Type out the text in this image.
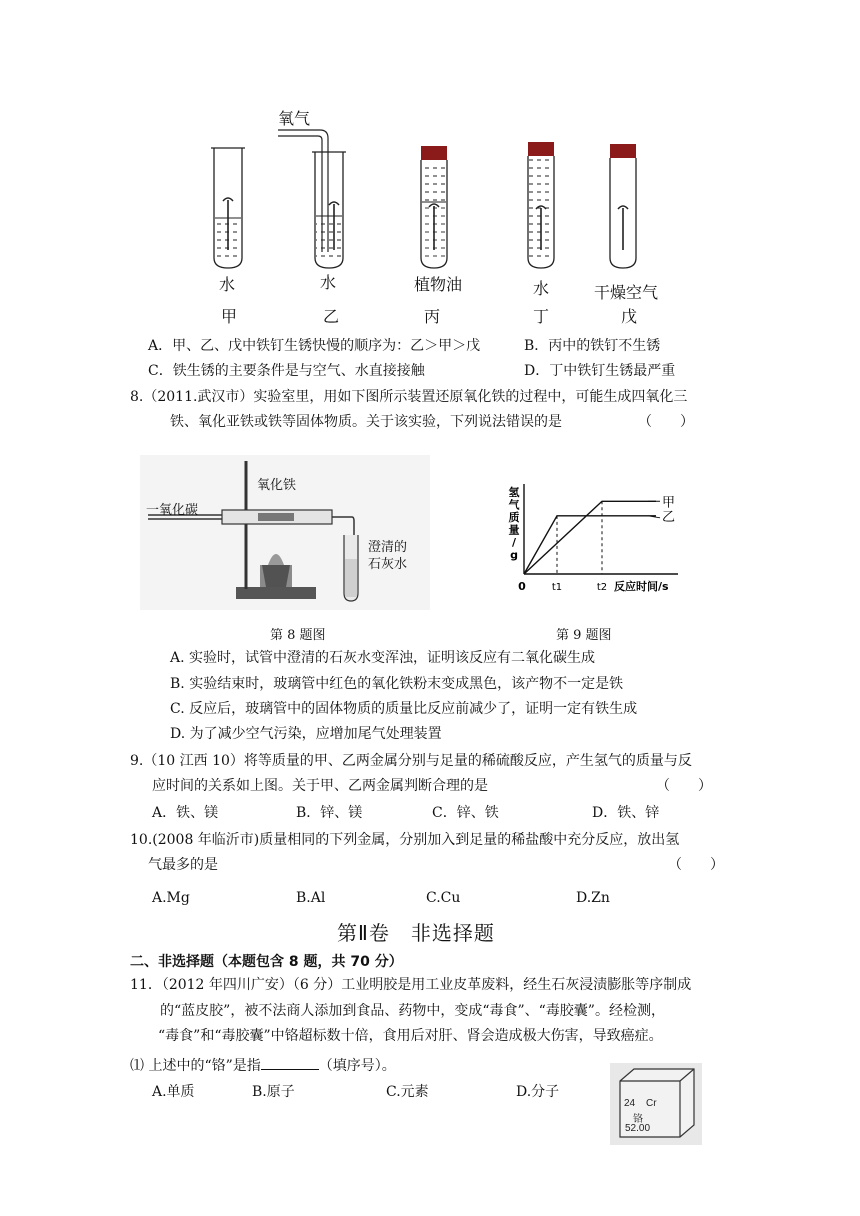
氧气
水
甲
水
乙
植物油
丙
水
丁
干燥空气
戊
A．甲、乙、戊中铁钉生锈快慢的顺序为：乙＞甲＞戊	B．丙中的铁钉不生锈
C．铁生锈的主要条件是与空气、水直接接触	D．丁中铁钉生锈最严重
8.（2011.武汉市）实验室里，用如下图所示装置还原氧化铁的过程中，可能生成四氧化三
铁、氧化亚铁或铁等固体物质。关于该实验，下列说法错误的是	（　　）
氧化铁
一氧化碳
澄清的
石灰水
第 8 题图
氢气质量/ g
0	t1	t2 反应时间/s
甲
乙
第 9 题图
A. 实验时，试管中澄清的石灰水变浑浊，证明该反应有二氧化碳生成
B. 实验结束时，玻璃管中红色的氧化铁粉末变成黑色，该产物不一定是铁
C. 反应后，玻璃管中的固体物质的质量比反应前减少了，证明一定有铁生成
D. 为了减少空气污染，应增加尾气处理装置
9.（10 江西 10）将等质量的甲、乙两金属分别与足量的稀硫酸反应，产生氢气的质量与反
应时间的关系如上图。关于甲、乙两金属判断合理的是	（　　）
A．铁、镁	B．锌、镁	C．锌、铁	D．铁、锌
10.(2008 年临沂市)质量相同的下列金属，分别加入到足量的稀盐酸中充分反应，放出氢
气最多的是	（　　）
A.Mg	B.Al	C.Cu	D.Zn
第Ⅱ卷　非选择题
二、非选择题（本题包含 8 题，共 70 分）
11．（2012 年四川广安）（6 分）工业明胶是用工业皮革废料，经生石灰浸渍膨胀等序制成
的“蓝皮胶”，被不法商人添加到食品、药物中，变成“毒食”、“毒胶囊”。经检测，
“毒食”和“毒胶囊”中铬超标数十倍，食用后对肝、肾会造成极大伤害，导致癌症。
⑴ 上述中的“铬”是指	（填序号）。
A.单质	B.原子	C.元素	D.分子
24 Cr
铬
52.00
